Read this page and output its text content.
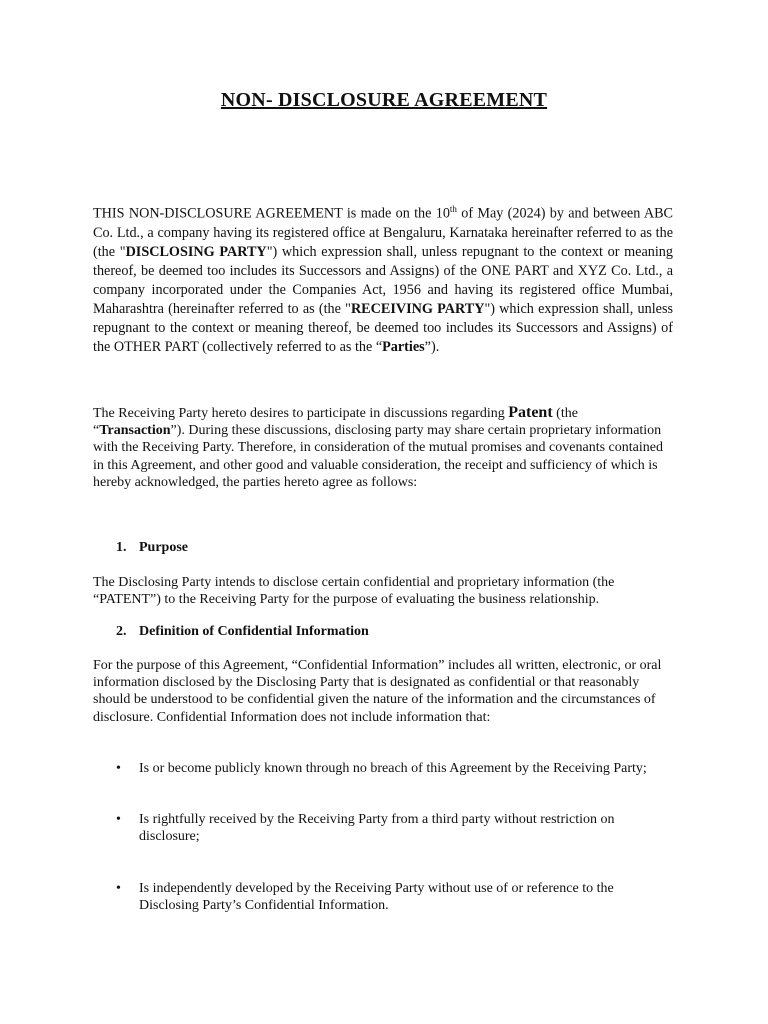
NON- DISCLOSURE AGREEMENT
THIS NON-DISCLOSURE AGREEMENT is made on the 10th of May (2024) by and between ABC Co. Ltd., a company having its registered office at Bengaluru, Karnataka hereinafter referred to as the (the "DISCLOSING PARTY") which expression shall, unless repugnant to the context or meaning thereof, be deemed too includes its Successors and Assigns) of the ONE PART and XYZ Co. Ltd., a company incorporated under the Companies Act, 1956 and having its registered office Mumbai, Maharashtra (hereinafter referred to as (the "RECEIVING PARTY") which expression shall, unless repugnant to the context or meaning thereof, be deemed too includes its Successors and Assigns) of the OTHER PART (collectively referred to as the “Parties”).
The Receiving Party hereto desires to participate in discussions regarding Patent (the “Transaction”). During these discussions, disclosing party may share certain proprietary information with the Receiving Party. Therefore, in consideration of the mutual promises and covenants contained in this Agreement, and other good and valuable consideration, the receipt and sufficiency of which is hereby acknowledged, the parties hereto agree as follows:
1. Purpose
The Disclosing Party intends to disclose certain confidential and proprietary information (the “PATENT”) to the Receiving Party for the purpose of evaluating the business relationship.
2. Definition of Confidential Information
For the purpose of this Agreement, “Confidential Information” includes all written, electronic, or oral information disclosed by the Disclosing Party that is designated as confidential or that reasonably should be understood to be confidential given the nature of the information and the circumstances of disclosure. Confidential Information does not include information that:
• Is or become publicly known through no breach of this Agreement by the Receiving Party;
• Is rightfully received by the Receiving Party from a third party without restriction on disclosure;
• Is independently developed by the Receiving Party without use of or reference to the Disclosing Party’s Confidential Information.
